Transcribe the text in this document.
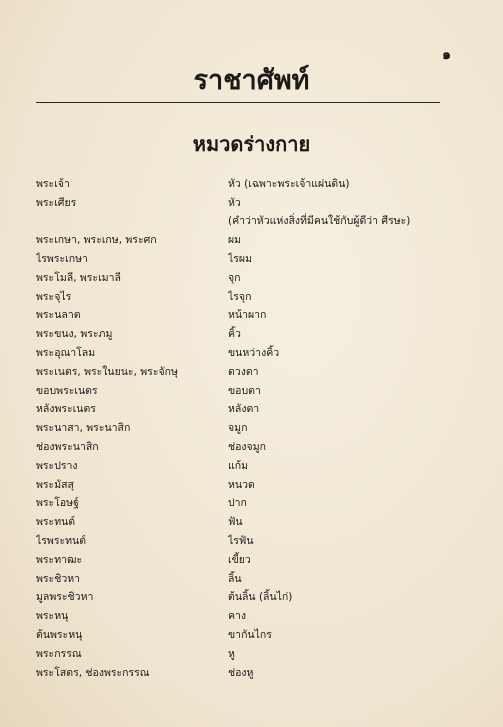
๑
ราชาศัพท์
หมวดร่างกาย
พระเจ้า	หัว (เฉพาะพระเจ้าแผ่นดิน)
พระเศียร	หัว
(คำว่าหัวแห่งสิ่งที่มีคนใช้กับผู้ดีว่า ศีรษะ)
พระเกษา, พระเกษ, พระศก	ผม
ไรพระเกษา	ไรผม
พระโมลี, พระเมาลี	จุก
พระจุไร	ไรจุก
พระนลาต	หน้าผาก
พระขนง, พระภมู	คิ้ว
พระอุณาโลม	ขนหว่างคิ้ว
พระเนตร, พระในยนะ, พระจักษุ	ดวงตา
ขอบพระเนตร	ขอบตา
หลังพระเนตร	หลังตา
พระนาสา, พระนาสิก	จมูก
ช่องพระนาสิก	ช่องจมูก
พระปราง	แก้ม
พระมัสสุ	หนวด
พระโอษฐ์	ปาก
พระทนต์	ฟัน
ไรพระทนต์	ไรฟัน
พระทาฒะ	เขี้ยว
พระชิวหา	ลิ้น
มูลพระชิวหา	ต้นลิ้น (ลิ้นไก่)
พระหนุ	คาง
ต้นพระหนุ	ขากันไกร
พระกรรณ	หู
พระโสตร, ช่องพระกรรณ	ช่องหู
